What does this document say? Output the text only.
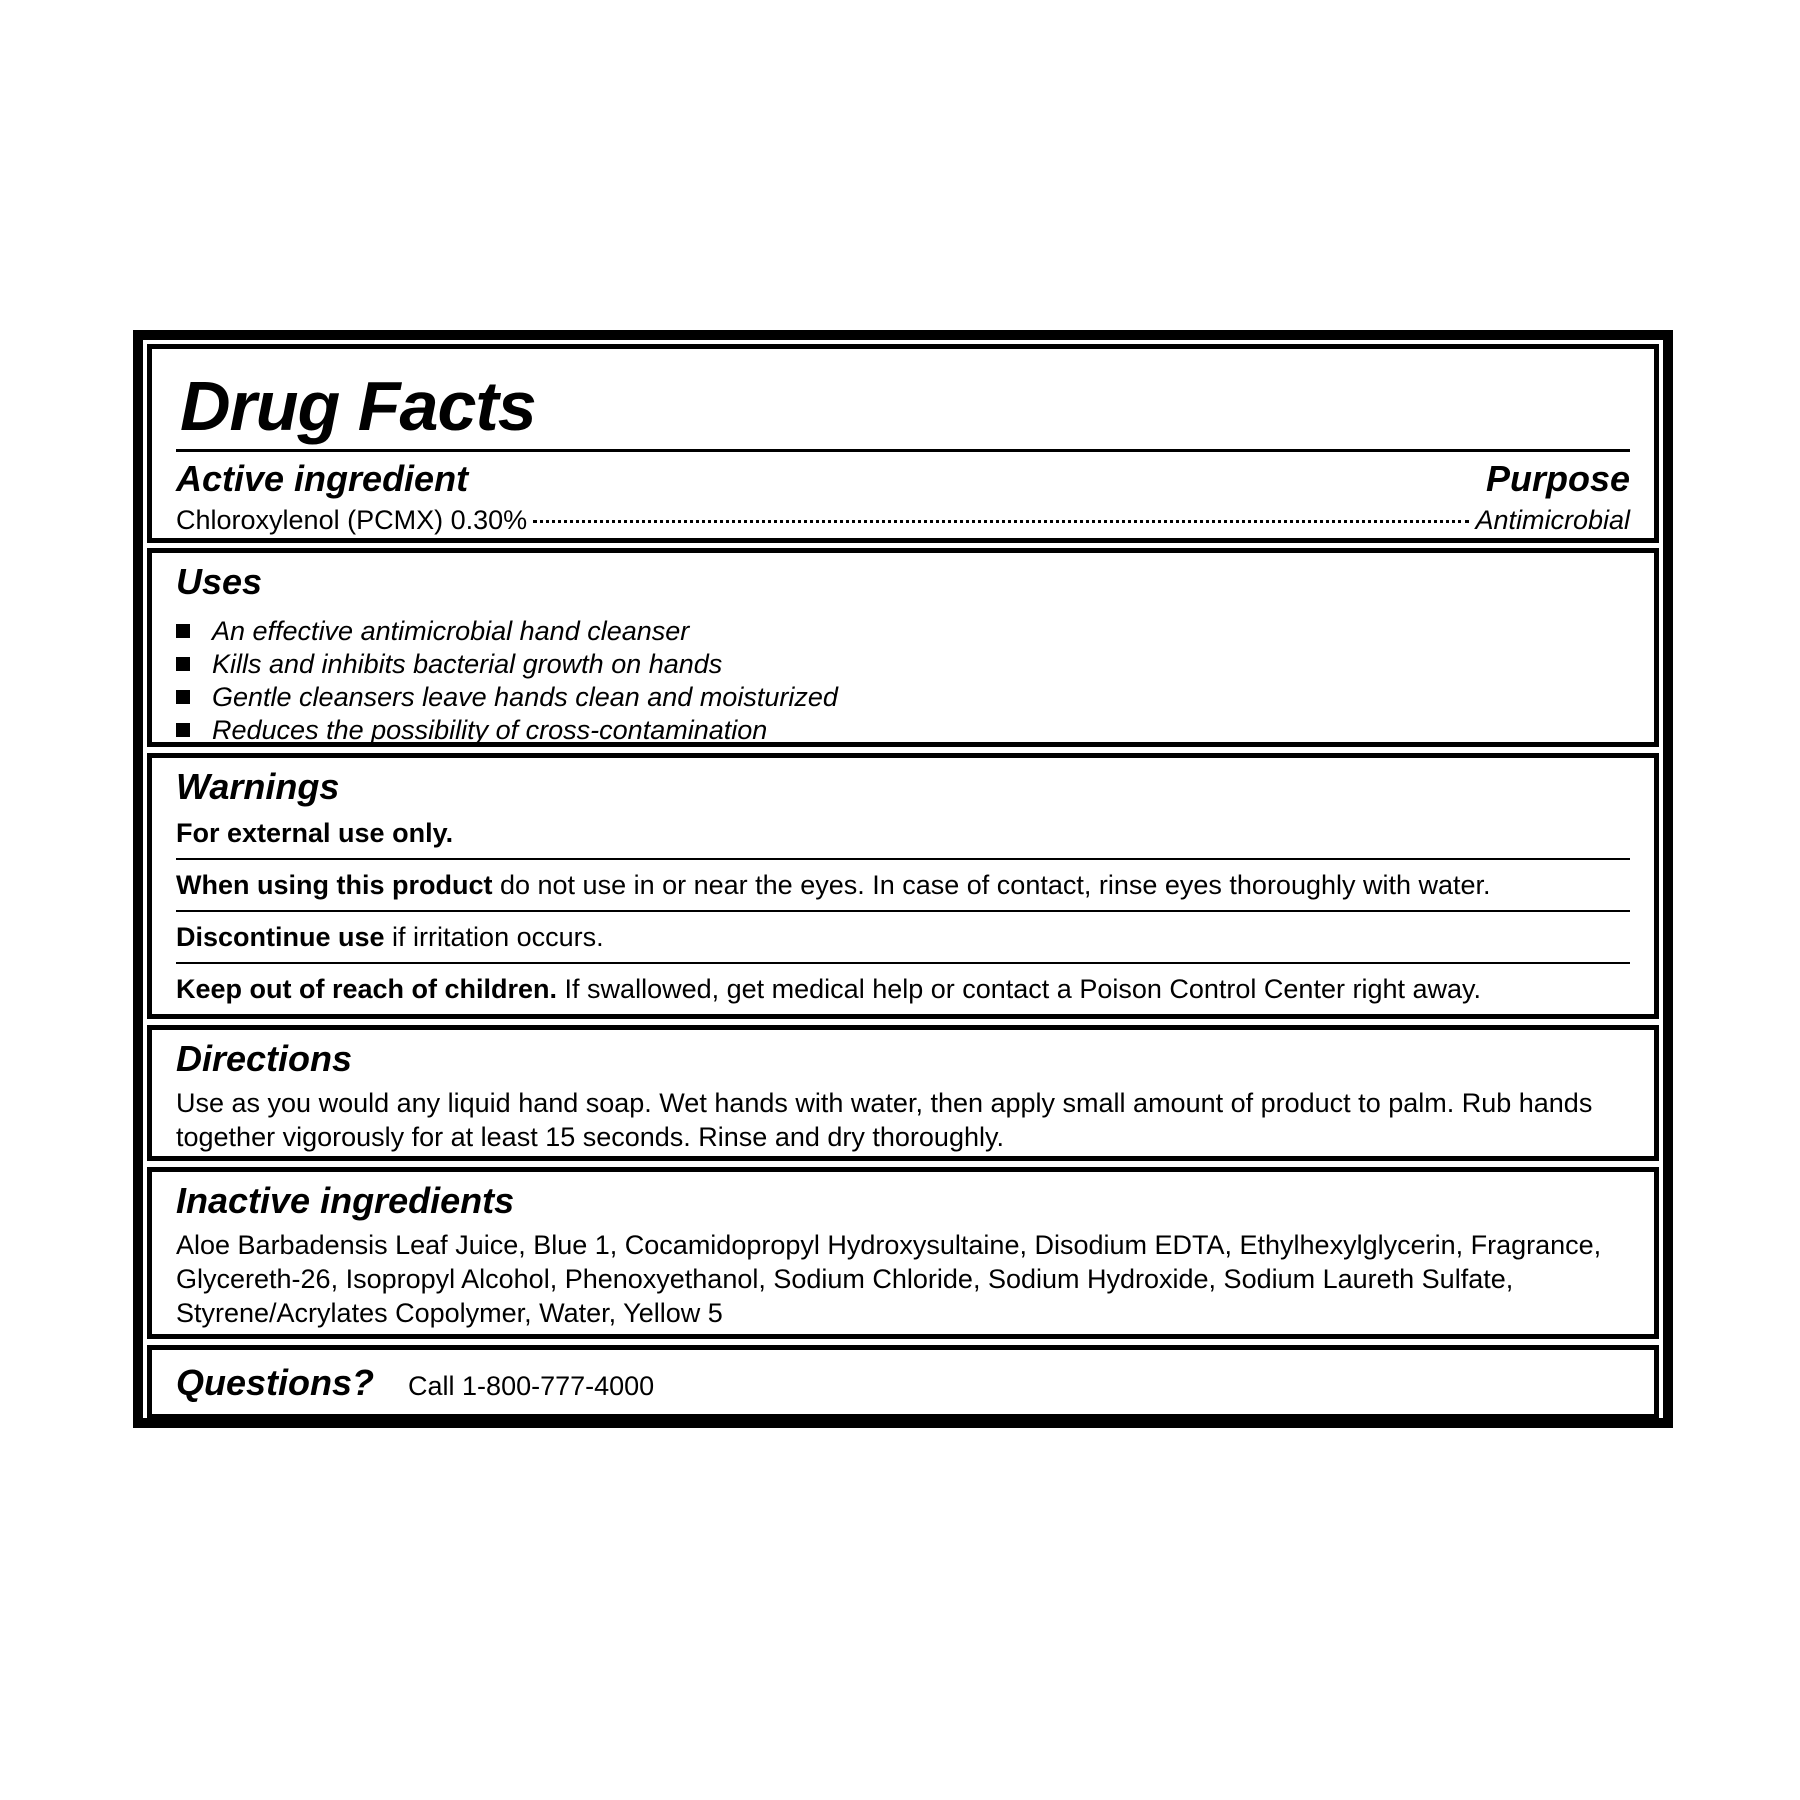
Drug Facts
Active ingredient	Purpose
Chloroxylenol (PCMX) 0.30%	Antimicrobial
Uses
An effective antimicrobial hand cleanser
Kills and inhibits bacterial growth on hands
Gentle cleansers leave hands clean and moisturized
Reduces the possibility of cross-contamination
Warnings
For external use only.
When using this product do not use in or near the eyes. In case of contact, rinse eyes thoroughly with water.
Discontinue use if irritation occurs.
Keep out of reach of children. If swallowed, get medical help or contact a Poison Control Center right away.
Directions
Use as you would any liquid hand soap. Wet hands with water, then apply small amount of product to palm. Rub hands together vigorously for at least 15 seconds. Rinse and dry thoroughly.
Inactive ingredients
Aloe Barbadensis Leaf Juice, Blue 1, Cocamidopropyl Hydroxysultaine, Disodium EDTA, Ethylhexylglycerin, Fragrance, Glycereth-26, Isopropyl Alcohol, Phenoxyethanol, Sodium Chloride, Sodium Hydroxide, Sodium Laureth Sulfate, Styrene/Acrylates Copolymer, Water, Yellow 5
Questions? Call 1-800-777-4000
